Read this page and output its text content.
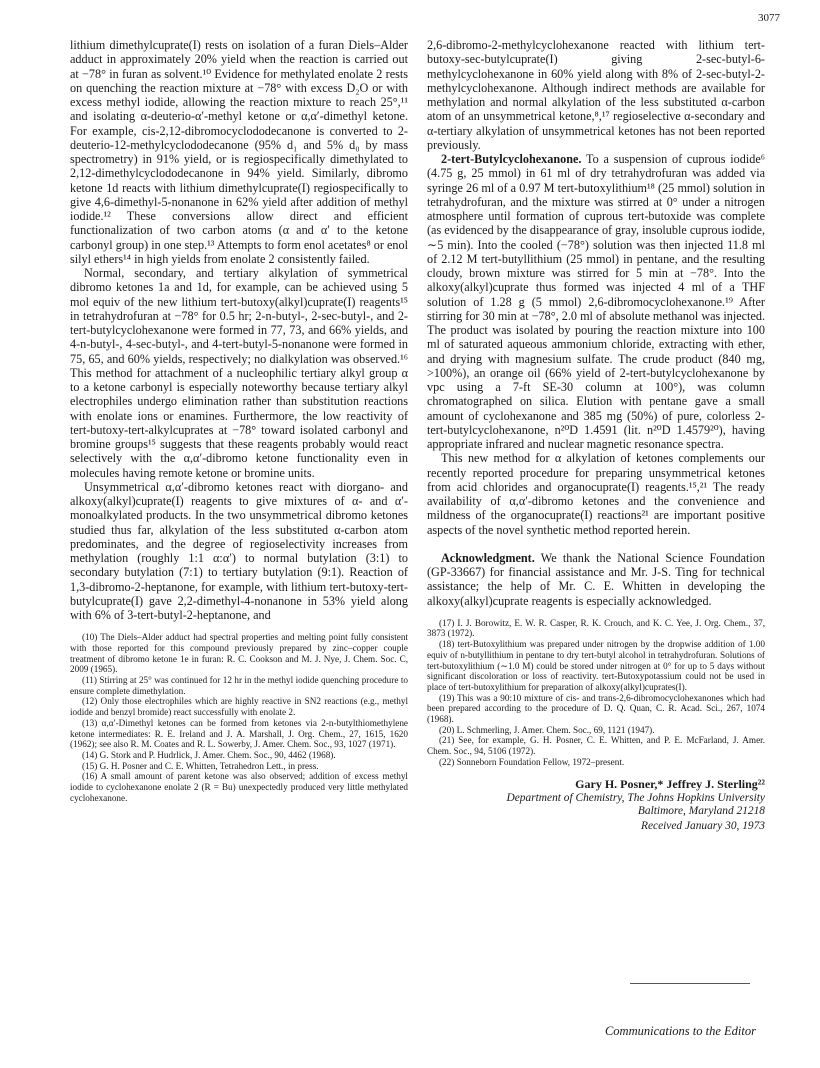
3077

lithium dimethylcuprate(I) rests on isolation of a furan Diels–Alder adduct in approximately 20% yield when the reaction is carried out at −78° in furan as solvent.¹⁰ Evidence for methylated enolate 2 rests on quenching the reaction mixture at −78° with excess D₂O or with excess methyl iodide, allowing the reaction mixture to reach 25°,¹¹ and isolating α-deuterio-α′-methyl ketone or α,α′-dimethyl ketone. For example, cis-2,12-dibromocyclododecanone is converted to 2-deuterio-12-methylcyclododecanone (95% d₁ and 5% d₀ by mass spectrometry) in 91% yield, or is regiospecifically dimethylated to 2,12-dimethylcyclododecanone in 94% yield. Similarly, dibromo ketone 1d reacts with lithium dimethylcuprate(I) regiospecifically to give 4,6-dimethyl-5-nonanone in 62% yield after addition of methyl iodide.¹² These conversions allow direct and efficient functionalization of two carbon atoms (α and α′ to the ketone carbonyl group) in one step.¹³ Attempts to form enol acetates⁸ or enol silyl ethers¹⁴ in high yields from enolate 2 consistently failed.

Normal, secondary, and tertiary alkylation of symmetrical dibromo ketones 1a and 1d, for example, can be achieved using 5 mol equiv of the new lithium tert-butoxy(alkyl)cuprate(I) reagents¹⁵ in tetrahydrofuran at −78° for 0.5 hr; 2-n-butyl-, 2-sec-butyl-, and 2-tert-butylcyclohexanone were formed in 77, 73, and 66% yields, and 4-n-butyl-, 4-sec-butyl-, and 4-tert-butyl-5-nonanone were formed in 75, 65, and 60% yields, respectively; no dialkylation was observed.¹⁶ This method for attachment of a nucleophilic tertiary alkyl group α to a ketone carbonyl is especially noteworthy because tertiary alkyl electrophiles undergo elimination rather than substitution reactions with enolate ions or enamines. Furthermore, the low reactivity of tert-butoxy-tert-alkylcuprates at −78° toward isolated carbonyl and bromine groups¹⁵ suggests that these reagents probably would react selectively with the α,α′-dibromo ketone functionality even in molecules having remote ketone or bromine units.

Unsymmetrical α,α′-dibromo ketones react with diorgano- and alkoxy(alkyl)cuprate(I) reagents to give mixtures of α- and α′-monoalkylated products. In the two unsymmetrical dibromo ketones studied thus far, alkylation of the less substituted α-carbon atom predominates, and the degree of regioselectivity increases from methylation (roughly 1:1 α:α′) to normal butylation (3:1) to secondary butylation (7:1) to tertiary butylation (9:1). Reaction of 1,3-dibromo-2-heptanone, for example, with lithium tert-butoxy-tert-butylcuprate(I) gave 2,2-dimethyl-4-nonanone in 53% yield along with 6% of 3-tert-butyl-2-heptanone, and

(10) The Diels–Alder adduct had spectral properties and melting point fully consistent with those reported for this compound previously prepared by zinc–copper couple treatment of dibromo ketone 1e in furan: R. C. Cookson and M. J. Nye, J. Chem. Soc. C, 2009 (1965).

(11) Stirring at 25° was continued for 12 hr in the methyl iodide quenching procedure to ensure complete dimethylation.

(12) Only those electrophiles which are highly reactive in SN2 reactions (e.g., methyl iodide and benzyl bromide) react successfully with enolate 2.

(13) α,α′-Dimethyl ketones can be formed from ketones via 2-n-butylthiomethylene ketone intermediates: R. E. Ireland and J. A. Marshall, J. Org. Chem., 27, 1615, 1620 (1962); see also R. M. Coates and R. L. Sowerby, J. Amer. Chem. Soc., 93, 1027 (1971).

(14) G. Stork and P. Hudrlick, J. Amer. Chem. Soc., 90, 4462 (1968).

(15) G. H. Posner and C. E. Whitten, Tetrahedron Lett., in press.

(16) A small amount of parent ketone was also observed; addition of excess methyl iodide to cyclohexanone enolate 2 (R = Bu) unexpectedly produced very little methylated cyclohexanone.

2,6-dibromo-2-methylcyclohexanone reacted with lithium tert-butoxy-sec-butylcuprate(I) giving 2-sec-butyl-6-methylcyclohexanone in 60% yield along with 8% of 2-sec-butyl-2-methylcyclohexanone. Although indirect methods are available for methylation and normal alkylation of the less substituted α-carbon atom of an unsymmetrical ketone,⁸,¹⁷ regioselective α-secondary and α-tertiary alkylation of unsymmetrical ketones has not been reported previously.

2-tert-Butylcyclohexanone. To a suspension of cuprous iodide⁶ (4.75 g, 25 mmol) in 61 ml of dry tetrahydrofuran was added via syringe 26 ml of a 0.97 M tert-butoxylithium¹⁸ (25 mmol) solution in tetrahydrofuran, and the mixture was stirred at 0° under a nitrogen atmosphere until formation of cuprous tert-butoxide was complete (as evidenced by the disappearance of gray, insoluble cuprous iodide, ∼5 min). Into the cooled (−78°) solution was then injected 11.8 ml of 2.12 M tert-butyllithium (25 mmol) in pentane, and the resulting cloudy, brown mixture was stirred for 5 min at −78°. Into the alkoxy(alkyl)cuprate thus formed was injected 4 ml of a THF solution of 1.28 g (5 mmol) 2,6-dibromocyclohexanone.¹⁹ After stirring for 30 min at −78°, 2.0 ml of absolute methanol was injected. The product was isolated by pouring the reaction mixture into 100 ml of saturated aqueous ammonium chloride, extracting with ether, and drying with magnesium sulfate. The crude product (840 mg, >100%), an orange oil (66% yield of 2-tert-butylcyclohexanone by vpc using a 7-ft SE-30 column at 100°), was column chromatographed on silica. Elution with pentane gave a small amount of cyclohexanone and 385 mg (50%) of pure, colorless 2-tert-butylcyclohexanone, n²⁰D 1.4591 (lit. n²⁰D 1.4579²⁰), having appropriate infrared and nuclear magnetic resonance spectra.

This new method for α alkylation of ketones complements our recently reported procedure for preparing unsymmetrical ketones from acid chlorides and organocuprate(I) reagents.¹⁵,²¹ The ready availability of α,α′-dibromo ketones and the convenience and mildness of the organocuprate(I) reactions²¹ are important positive aspects of the novel synthetic method reported herein.

Acknowledgment. We thank the National Science Foundation (GP-33667) for financial assistance and Mr. J-S. Ting for technical assistance; the help of Mr. C. E. Whitten in developing the alkoxy(alkyl)cuprate reagents is especially acknowledged.

(17) I. J. Borowitz, E. W. R. Casper, R. K. Crouch, and K. C. Yee, J. Org. Chem., 37, 3873 (1972).

(18) tert-Butoxylithium was prepared under nitrogen by the dropwise addition of 1.00 equiv of n-butyllithium in pentane to dry tert-butyl alcohol in tetrahydrofuran. Solutions of tert-butoxylithium (∼1.0 M) could be stored under nitrogen at 0° for up to 5 days without significant discoloration or loss of reactivity. tert-Butoxypotassium could not be used in place of tert-butoxylithium for preparation of alkoxy(alkyl)cuprates(I).

(19) This was a 90:10 mixture of cis- and trans-2,6-dibromocyclohexanones which had been prepared according to the procedure of D. Q. Quan, C. R. Acad. Sci., 267, 1074 (1968).

(20) L. Schmerling, J. Amer. Chem. Soc., 69, 1121 (1947).

(21) See, for example, G. H. Posner, C. E. Whitten, and P. E. McFarland, J. Amer. Chem. Soc., 94, 5106 (1972).

(22) Sonneborn Foundation Fellow, 1972–present.

Gary H. Posner,* Jeffrey J. Sterling²²
Department of Chemistry, The Johns Hopkins University
Baltimore, Maryland 21218
Received January 30, 1973
Communications to the Editor
